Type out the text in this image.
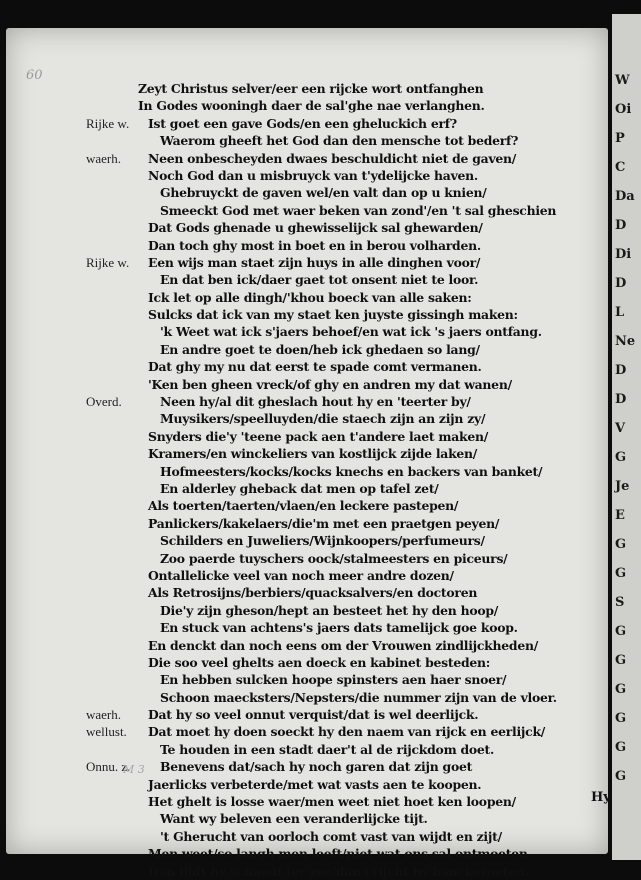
60
Zeyt Christus selver/eer een rijcke wort ontfanghen
In Godes wooningh daer de sal'ghe nae verlanghen.
Rijke w. Ist goet een gave Gods/en een gheluckich erf?
Waerom gheeft het God dan den mensche tot bederf?
waerh. Neen onbescheyden dwaes beschuldicht niet de gaven/
Noch God dan u misbruyck van t'ydelijcke haven.
Ghebruyckt de gaven wel/en valt dan op u knien/
Smeeckt God met waer beken van zond'/en 't sal gheschien
Dat Gods ghenade u ghewisselijck sal ghewarden/
Dan toch ghy most in boet en in berou volharden.
Rijke w. Een wijs man staet zijn huys in alle dinghen voor/
En dat ben ick/daer gaet tot onsent niet te loor.
Ick let op alle dingh/'khou boeck van alle saken:
Sulcks dat ick van my staet ken juyste gissingh maken:
'k Weet wat ick s'jaers behoef/en wat ick 's jaers ontfang.
En andre goet te doen/heb ick ghedaen so lang/
Dat ghy my nu dat eerst te spade comt vermanen.
'Ken ben gheen vreck/of ghy en andren my dat wanen/
Overd.	Neen hy/al dit gheslach hout hy en 'teerter by/
Muysikers/speelluyden/die staech zijn an zijn zy/
Snyders die'y 'teene pack aen t'andere laet maken/
Kramers/en winckeliers van kostlijck zijde laken/
Hofmeesters/kocks/kocks knechs en backers van banket/
En alderley gheback dat men op tafel zet/
Als toerten/taerten/vlaen/en leckere pastepen/
Panlickers/kakelaers/die'm met een praetgen peyen/
Schilders en Juweliers/Wijnkoopers/perfumeurs/
Zoo paerde tuyschers oock/stalmeesters en piceurs/
Ontallelicke veel van noch meer andre dozen/
Als Retrosijns/berbiers/quacksalvers/en doctoren
Die'y zijn gheson/hept an besteet het hy den hoop/
En stuck van achtens's jaers dats tamelijck goe koop.
En denckt dan noch eens om der Vrouwen zindlijckheden/
Die soo veel ghelts aen doeck en kabinet besteden:
En hebben sulcken hoope spinsters aen haer snoer/
Schoon maecksters/Nepsters/die nummer zijn van de vloer.
waerh. Dat hy so veel onnut verquist/dat is wel deerlijck.
wellust. Dat moet hy doen soeckt hy den naem van rijck en eerlijck/
Te houden in een stadt daer't al de rijckdom doet.
Onnu. z. Benevens dat/sach hy noch garen dat zijn goet
Jaerlicks verbeterde/met wat vasts aen te koopen.
Het ghelt is losse waer/men weet niet hoet ken loopen/
Want wy beleven een veranderlijcke tijt.
't Gherucht van oorloch comt vast van wijdt en zijt/
Men weet/so langh men leeft/niet wat ons sal ontmoeten.
Dan lijdt hy schaedt ter zee/dan crijcht hy banckeroeten.
M 3
Hy
W
Oi
P
C
Da
D
Di
D
L
Ne
D
D
V
G
Je
E
G
G
S
G
G
G
G
G
G
